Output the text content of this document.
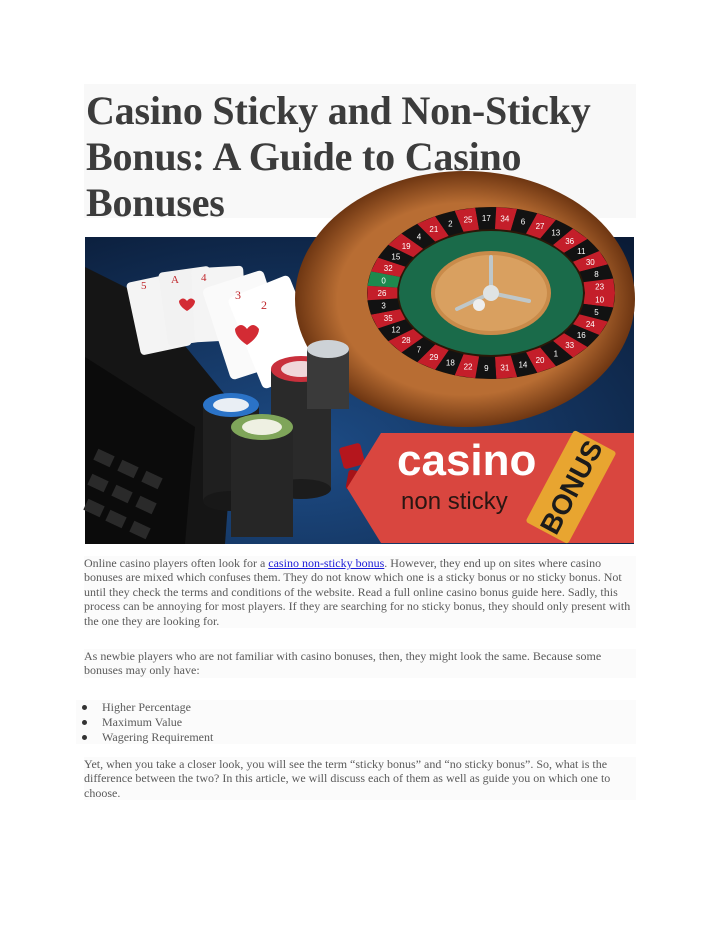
Casino Sticky and Non-Sticky Bonus: A Guide to Casino Bonuses
5 A 4
3
2	10
5
24
16
33
1
20
14
31
9
22
18
29
7
28
12
35
3
26
0
32
15
19
4
21
2 25 17 34 6
27
13
36
11
30
8
23
casino
non sticky BONUS

Online casino players often look for a casino non-sticky bonus. However, they end up on sites where casino bonuses are mixed which confuses them. They do not know which one is a sticky bonus or no sticky bonus. Not until they check the terms and conditions of the website. Read a full online casino bonus guide here. Sadly, this process can be annoying for most players. If they are searching for no sticky bonus, they should only present with the one they are looking for.

As newbie players who are not familiar with casino bonuses, then, they might look the same. Because some bonuses may only have:

Higher Percentage
Maximum Value
Wagering Requirement

Yet, when you take a closer look, you will see the term “sticky bonus” and “no sticky bonus”. So, what is the difference between the two? In this article, we will discuss each of them as well as guide you on which one to choose.
